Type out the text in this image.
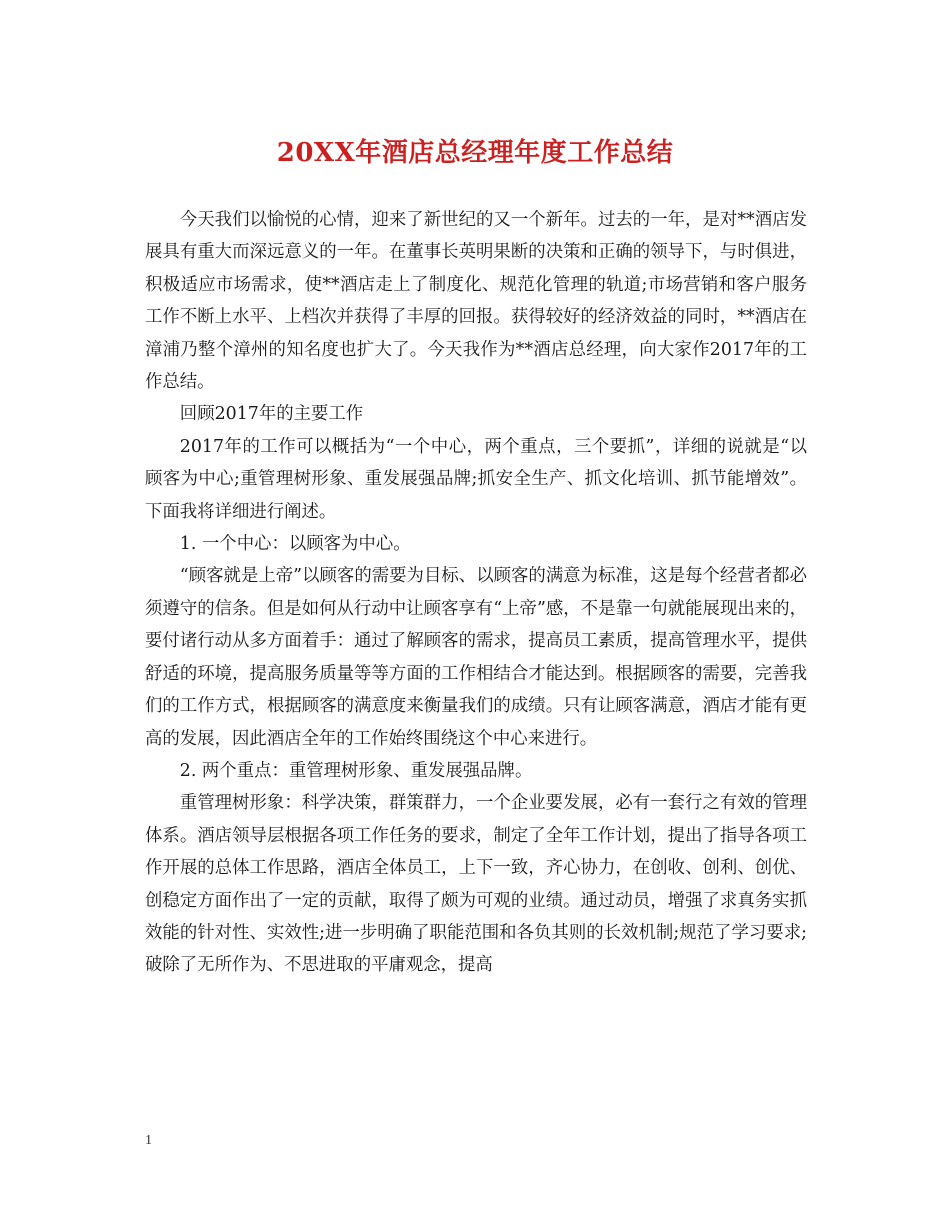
20XX年酒店总经理年度工作总结

今天我们以愉悦的心情，迎来了新世纪的又一个新年。过去的一年，是对**酒店发展具有重大而深远意义的一年。在董事长英明果断的决策和正确的领导下，与时俱进，积极适应市场需求，使**酒店走上了制度化、规范化管理的轨道;市场营销和客户服务工作不断上水平、上档次并获得了丰厚的回报。获得较好的经济效益的同时，**酒店在漳浦乃整个漳州的知名度也扩大了。今天我作为**酒店总经理，向大家作2017年的工作总结。

回顾2017年的主要工作

2017年的工作可以概括为“一个中心，两个重点，三个要抓”，详细的说就是“以顾客为中心;重管理树形象、重发展强品牌;抓安全生产、抓文化培训、抓节能增效”。下面我将详细进行阐述。

1. 一个中心：以顾客为中心。

“顾客就是上帝”以顾客的需要为目标、以顾客的满意为标准，这是每个经营者都必须遵守的信条。但是如何从行动中让顾客享有“上帝”感，不是靠一句就能展现出来的，要付诸行动从多方面着手：通过了解顾客的需求，提高员工素质，提高管理水平，提供舒适的环境，提高服务质量等等方面的工作相结合才能达到。根据顾客的需要，完善我们的工作方式，根据顾客的满意度来衡量我们的成绩。只有让顾客满意，酒店才能有更高的发展，因此酒店全年的工作始终围绕这个中心来进行。

2. 两个重点：重管理树形象、重发展强品牌。

重管理树形象：科学决策，群策群力，一个企业要发展，必有一套行之有效的管理体系。酒店领导层根据各项工作任务的要求，制定了全年工作计划，提出了指导各项工作开展的总体工作思路，酒店全体员工，上下一致，齐心协力，在创收、创利、创优、创稳定方面作出了一定的贡献，取得了颇为可观的业绩。通过动员，增强了求真务实抓效能的针对性、实效性;进一步明确了职能范围和各负其则的长效机制;规范了学习要求;破除了无所作为、不思进取的平庸观念，提高

1
